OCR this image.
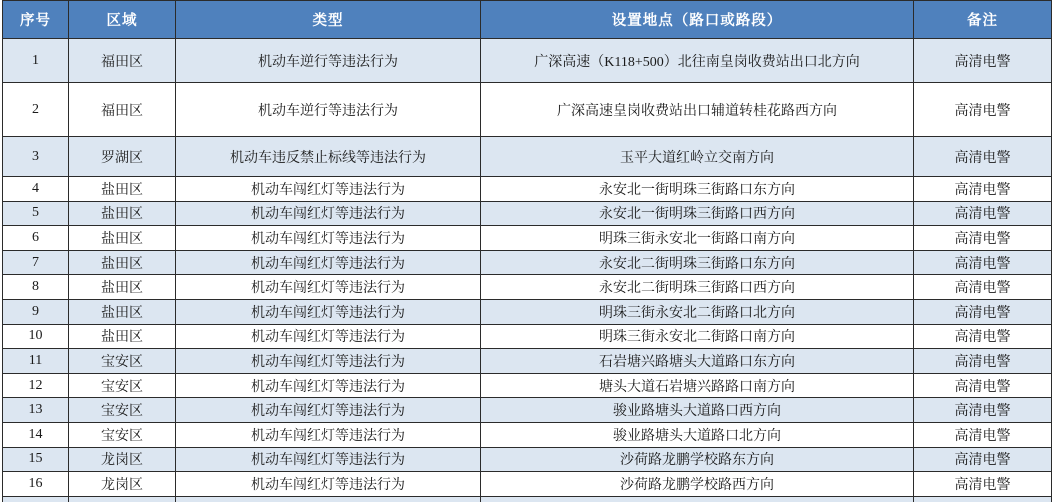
序号	区域	类型	设置地点（路口或路段）	备注
1	福田区	机动车逆行等违法行为	广深高速（K118+500）北往南皇岗收费站出口北方向	高清电警
2	福田区	机动车逆行等违法行为	广深高速皇岗收费站出口辅道转桂花路西方向	高清电警
3	罗湖区	机动车违反禁止标线等违法行为	玉平大道红岭立交南方向	高清电警
4	盐田区	机动车闯红灯等违法行为	永安北一街明珠三街路口东方向	高清电警
5	盐田区	机动车闯红灯等违法行为	永安北一街明珠三街路口西方向	高清电警
6	盐田区	机动车闯红灯等违法行为	明珠三街永安北一街路口南方向	高清电警
7	盐田区	机动车闯红灯等违法行为	永安北二街明珠三街路口东方向	高清电警
8	盐田区	机动车闯红灯等违法行为	永安北二街明珠三街路口西方向	高清电警
9	盐田区	机动车闯红灯等违法行为	明珠三街永安北二街路口北方向	高清电警
10	盐田区	机动车闯红灯等违法行为	明珠三街永安北二街路口南方向	高清电警
11	宝安区	机动车闯红灯等违法行为	石岩塘兴路塘头大道路口东方向	高清电警
12	宝安区	机动车闯红灯等违法行为	塘头大道石岩塘兴路路口南方向	高清电警
13	宝安区	机动车闯红灯等违法行为	骏业路塘头大道路口西方向	高清电警
14	宝安区	机动车闯红灯等违法行为	骏业路塘头大道路口北方向	高清电警
15	龙岗区	机动车闯红灯等违法行为	沙荷路龙鹏学校路东方向	高清电警
16	龙岗区	机动车闯红灯等违法行为	沙荷路龙鹏学校路西方向	高清电警
